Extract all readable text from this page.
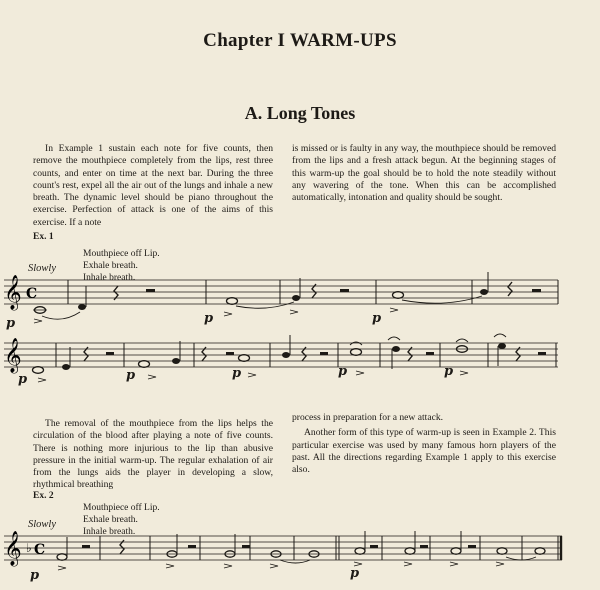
Chapter I WARM-UPS
A. Long Tones

In Example 1 sustain each note for five counts, then remove the mouthpiece completely from the lips, rest three counts, and enter on time at the next bar. During the three count's rest, expel all the air out of the lungs and inhale a new breath. The dynamic level should be piano throughout the exercise. Perfection of attack is one of the aims of this exercise. If a note

is missed or is faulty in any way, the mouthpiece should be removed from the lips and a fresh attack begun. At the beginning stages of this warm-up the goal should be to hold the note steadily without any wavering of the tone. When this can be accomplished automatically, intonation and quality should be sought.

Ex. 1
Mouthpiece off Lip.
Exhale breath.
Inhale breath.
Slowly
𝄞 C
p	p	p
𝄞
p	p	p	p	p

The removal of the mouthpiece from the lips helps the circulation of the blood after playing a note of five counts. There is nothing more injurious to the lip than abusive pressure in the initial warm-up. The regular exhalation of air from the lungs aids the player in developing a slow, rhythmical breathing

process in preparation for a new attack.

Another form of this type of warm-up is seen in Example 2. This particular exercise was used by many famous horn players of the past. All the directions regarding Example 1 apply to this exercise also.

Ex. 2
Mouthpiece off Lip.
Exhale breath.
Inhale breath.
Slowly
𝄞 ♭ C
p	p
